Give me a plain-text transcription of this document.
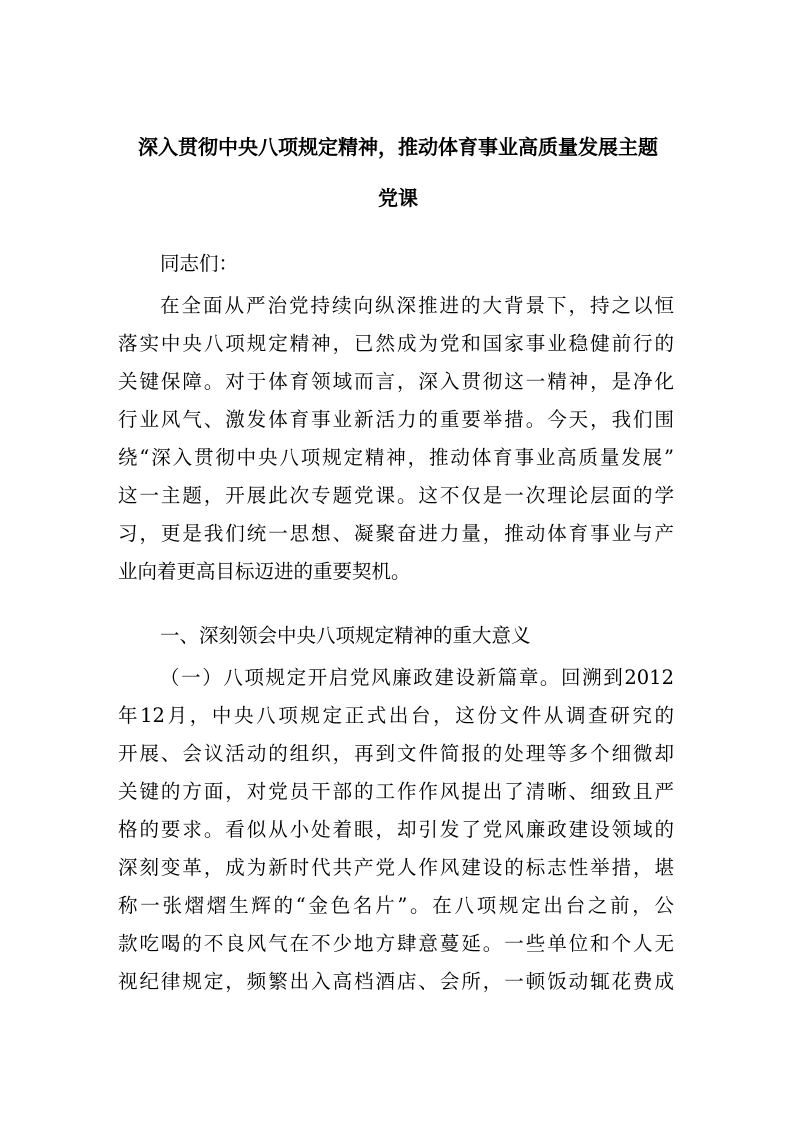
深入贯彻中央八项规定精神，推动体育事业高质量发展主题
党课
同志们：
在全面从严治党持续向纵深推进的大背景下，持之以恒
落实中央八项规定精神，已然成为党和国家事业稳健前行的
关键保障。对于体育领域而言，深入贯彻这一精神，是净化
行业风气、激发体育事业新活力的重要举措。今天，我们围
绕“深入贯彻中央八项规定精神，推动体育事业高质量发展”
这一主题，开展此次专题党课。这不仅是一次理论层面的学
习，更是我们统一思想、凝聚奋进力量，推动体育事业与产
业向着更高目标迈进的重要契机。
一、深刻领会中央八项规定精神的重大意义
（一）八项规定开启党风廉政建设新篇章。回溯到2012
年12月，中央八项规定正式出台，这份文件从调查研究的
开展、会议活动的组织，再到文件简报的处理等多个细微却
关键的方面，对党员干部的工作作风提出了清晰、细致且严
格的要求。看似从小处着眼，却引发了党风廉政建设领域的
深刻变革，成为新时代共产党人作风建设的标志性举措，堪
称一张熠熠生辉的“金色名片”。在八项规定出台之前，公
款吃喝的不良风气在不少地方肆意蔓延。一些单位和个人无
视纪律规定，频繁出入高档酒店、会所，一顿饭动辄花费成
